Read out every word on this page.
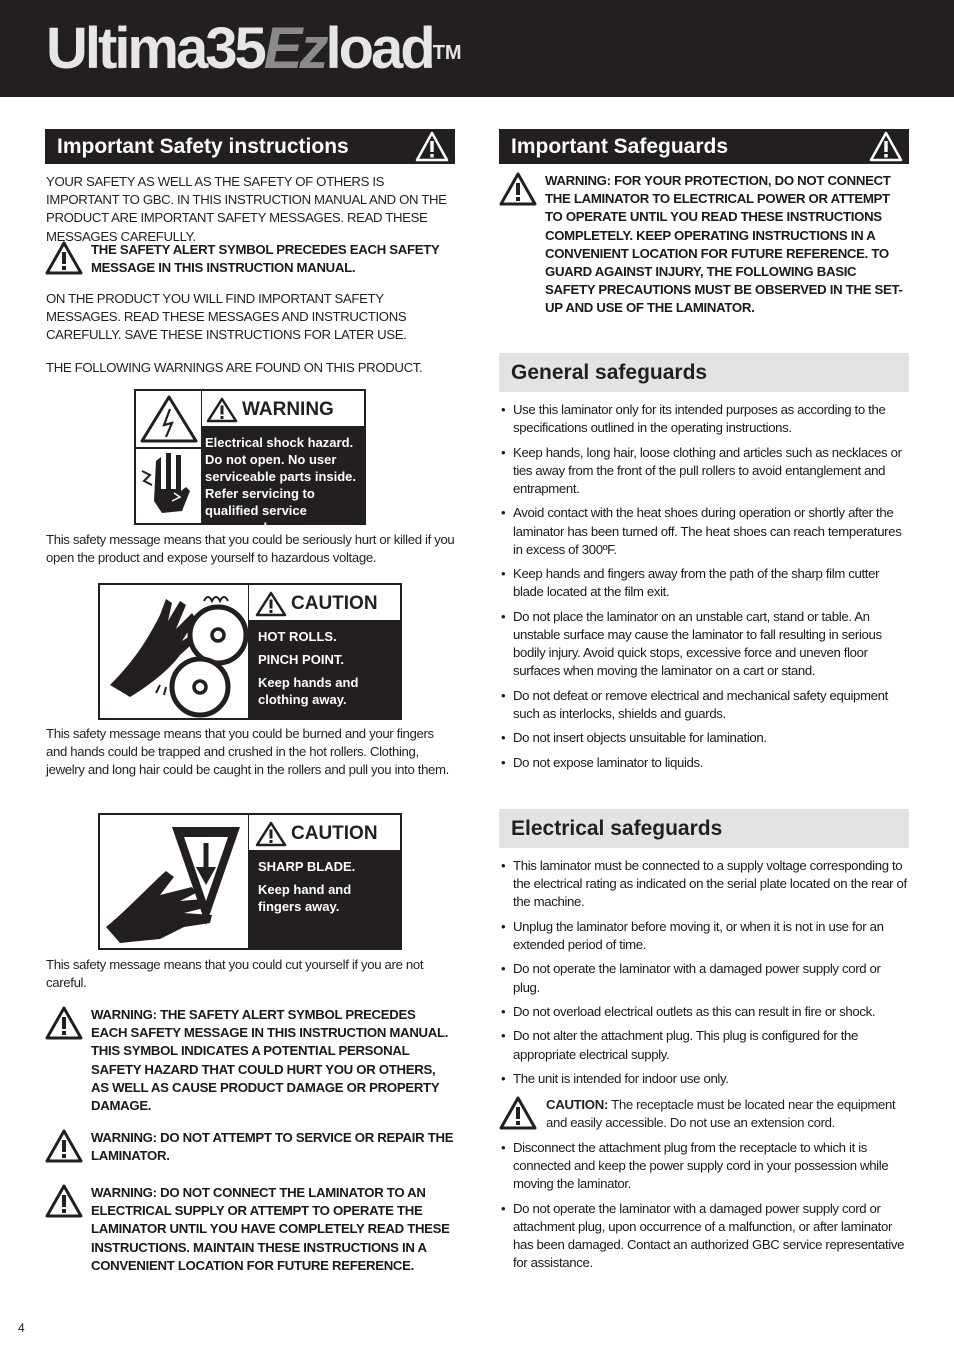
Ultima35Ezload™
Important Safety instructions
YOUR SAFETY AS WELL AS THE SAFETY OF OTHERS IS IMPORTANT TO GBC. IN THIS INSTRUCTION MANUAL AND ON THE PRODUCT ARE IMPORTANT SAFETY MESSAGES. READ THESE MESSAGES CAREFULLY.
THE SAFETY ALERT SYMBOL PRECEDES EACH SAFETY MESSAGE IN THIS INSTRUCTION MANUAL.
ON THE PRODUCT YOU WILL FIND IMPORTANT SAFETY MESSAGES. READ THESE MESSAGES AND INSTRUCTIONS CAREFULLY. SAVE THESE INSTRUCTIONS FOR LATER USE.
THE FOLLOWING WARNINGS ARE FOUND ON THIS PRODUCT.
WARNING
Electrical shock hazard. Do not open. No user serviceable parts inside. Refer servicing to qualified service personnel.
This safety message means that you could be seriously hurt or killed if you open the product and expose yourself to hazardous voltage.
CAUTION
HOT ROLLS.
PINCH POINT.
Keep hands and clothing away.
This safety message means that you could be burned and your fingers and hands could be trapped and crushed in the hot rollers. Clothing, jewelry and long hair could be caught in the rollers and pull you into them.
CAUTION
SHARP BLADE.
Keep hand and fingers away.
This safety message means that you could cut yourself if you are not careful.
WARNING: THE SAFETY ALERT SYMBOL PRECEDES EACH SAFETY MESSAGE IN THIS INSTRUCTION MANUAL. THIS SYMBOL INDICATES A POTENTIAL PERSONAL SAFETY HAZARD THAT COULD HURT YOU OR OTHERS, AS WELL AS CAUSE PRODUCT DAMAGE OR PROPERTY DAMAGE.
WARNING: DO NOT ATTEMPT TO SERVICE OR REPAIR THE LAMINATOR.
WARNING: DO NOT CONNECT THE LAMINATOR TO AN ELECTRICAL SUPPLY OR ATTEMPT TO OPERATE THE LAMINATOR UNTIL YOU HAVE COMPLETELY READ THESE INSTRUCTIONS. MAINTAIN THESE INSTRUCTIONS IN A CONVENIENT LOCATION FOR FUTURE REFERENCE.
Important Safeguards
WARNING: FOR YOUR PROTECTION, DO NOT CONNECT THE LAMINATOR TO ELECTRICAL POWER OR ATTEMPT TO OPERATE UNTIL YOU READ THESE INSTRUCTIONS COMPLETELY. KEEP OPERATING INSTRUCTIONS IN A CONVENIENT LOCATION FOR FUTURE REFERENCE. TO GUARD AGAINST INJURY, THE FOLLOWING BASIC SAFETY PRECAUTIONS MUST BE OBSERVED IN THE SET-UP AND USE OF THE LAMINATOR.
General safeguards
• Use this laminator only for its intended purposes as according to the specifications outlined in the operating instructions.
• Keep hands, long hair, loose clothing and articles such as necklaces or ties away from the front of the pull rollers to avoid entanglement and entrapment.
• Avoid contact with the heat shoes during operation or shortly after the laminator has been turned off. The heat shoes can reach temperatures in excess of 300ºF.
• Keep hands and fingers away from the path of the sharp film cutter blade located at the film exit.
• Do not place the laminator on an unstable cart, stand or table. An unstable surface may cause the laminator to fall resulting in serious bodily injury. Avoid quick stops, excessive force and uneven floor surfaces when moving the laminator on a cart or stand.
• Do not defeat or remove electrical and mechanical safety equipment such as interlocks, shields and guards.
• Do not insert objects unsuitable for lamination.
• Do not expose laminator to liquids.
Electrical safeguards
• This laminator must be connected to a supply voltage corresponding to the electrical rating as indicated on the serial plate located on the rear of the machine.
• Unplug the laminator before moving it, or when it is not in use for an extended period of time.
• Do not operate the laminator with a damaged power supply cord or plug.
• Do not overload electrical outlets as this can result in fire or shock.
• Do not alter the attachment plug. This plug is configured for the appropriate electrical supply.
• The unit is intended for indoor use only.
CAUTION: The receptacle must be located near the equipment and easily accessible. Do not use an extension cord.
• Disconnect the attachment plug from the receptacle to which it is connected and keep the power supply cord in your possession while moving the laminator.
• Do not operate the laminator with a damaged power supply cord or attachment plug, upon occurrence of a malfunction, or after laminator has been damaged. Contact an authorized GBC service representative for assistance.
4
